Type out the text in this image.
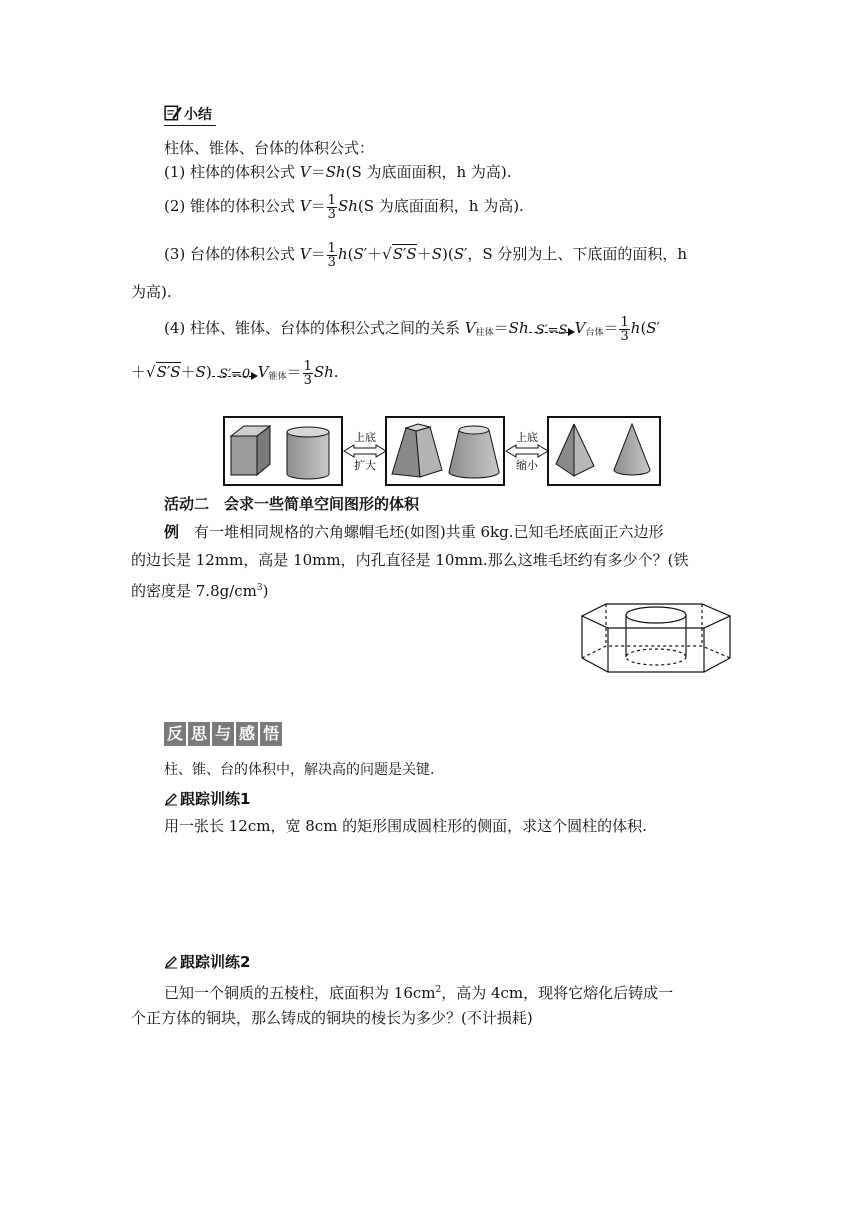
小结
柱体、锥体、台体的体积公式：
(1) 柱体的体积公式 V＝Sh(S 为底面面积，h 为高).
(2) 锥体的体积公式 $V= \frac{1}{3} Sh(S$ 为底面面积，h 为高).
(3) 台体的体积公式 $V= \frac{1}{3} h(S'+√S'S+S)(S'$，S 分别为上、下底面的面积，h
为高).
(4) 柱体、锥体、台体的体积公式之间的关系 $V_{柱体}=Sh$ S′=S $V_{台体}= \frac{1}{3} h(S'$
＋√S′S＋S) S′=0 $V_{锥体}= \frac{1}{3} Sh$.
上底
扩大
上底
缩小
活动二　会求一些简单空间图形的体积
例　 有一堆相同规格的六角螺帽毛坯(如图)共重 6kg.已知毛坯底面正六边形
的边长是 12mm，高是 10mm，内孔直径是 10mm.那么这堆毛坯约有多少个？(铁
的密度是 $7.8g/cm^3$)
反 思 与 感 悟
柱、锥、台的体积中，解决高的问题是关键.
跟踪训练1
用一张长 12cm，宽 8cm 的矩形围成圆柱形的侧面，求这个圆柱的体积.
跟踪训练2
已知一个铜质的五棱柱，底面积为 $16cm^2$，高为 4cm，现将它熔化后铸成一
个正方体的铜块，那么铸成的铜块的棱长为多少？(不计损耗)
